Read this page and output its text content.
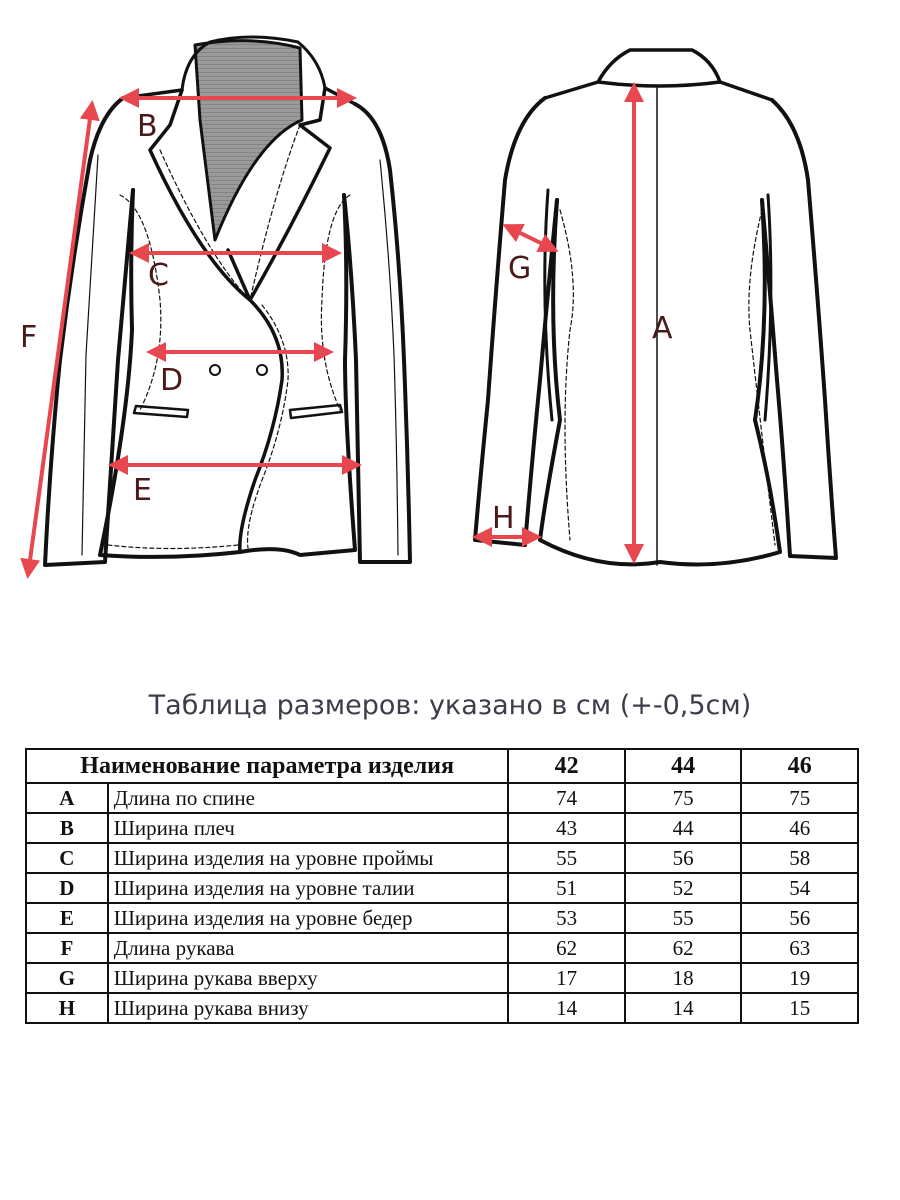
B
C
D
E
F	A
G
H
Таблица размеров: указано в см (+-0,5см)
Наименование параметра изделия		42	44	46
A	Длина по спине	74	75	75
B	Ширина плеч	43	44	46
C	Ширина изделия на уровне проймы	55	56	58
D	Ширина изделия на уровне талии	51	52	54
E	Ширина изделия на уровне бедер	53	55	56
F	Длина рукава	62	62	63
G	Ширина рукава вверху	17	18	19
H	Ширина рукава внизу	14	14	15
